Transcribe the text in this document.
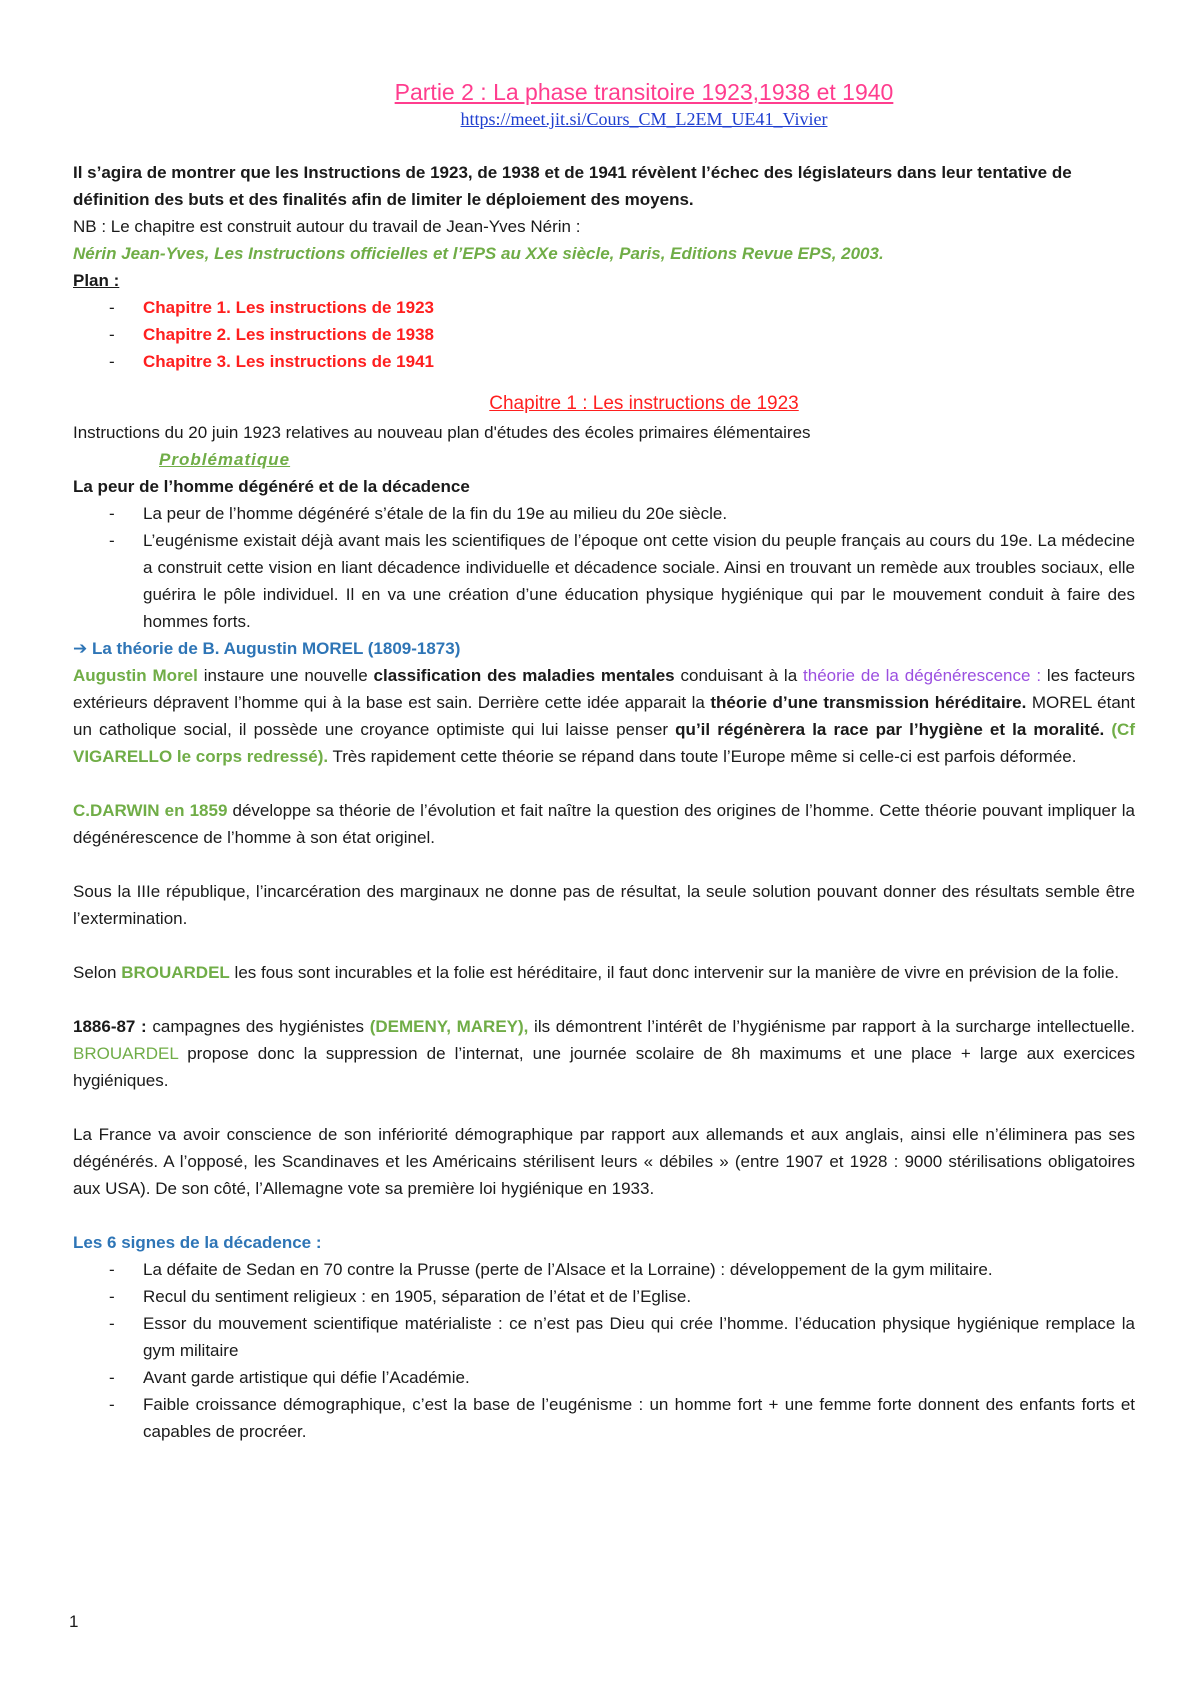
Partie 2 : La phase transitoire 1923,1938 et 1940

https://meet.jit.si/Cours_CM_L2EM_UE41_Vivier

Il s’agira de montrer que les Instructions de 1923, de 1938 et de 1941 révèlent l’échec des législateurs dans leur tentative de définition des buts et des finalités afin de limiter le déploiement des moyens.

NB : Le chapitre est construit autour du travail de Jean-Yves Nérin :

Nérin Jean-Yves, Les Instructions officielles et l’EPS au XXe siècle, Paris, Editions Revue EPS, 2003.

Plan :

- Chapitre 1. Les instructions de 1923
- Chapitre 2. Les instructions de 1938
- Chapitre 3. Les instructions de 1941

Chapitre 1 : Les instructions de 1923

Instructions du 20 juin 1923 relatives au nouveau plan d'études des écoles primaires élémentaires

Problématique

La peur de l’homme dégénéré et de la décadence

- La peur de l’homme dégénéré s’étale de la fin du 19e au milieu du 20e siècle.
- L’eugénisme existait déjà avant mais les scientifiques de l’époque ont cette vision du peuple français au cours du 19e. La médecine a construit cette vision en liant décadence individuelle et décadence sociale. Ainsi en trouvant un remède aux troubles sociaux, elle guérira le pôle individuel. Il en va une création d’une éducation physique hygiénique qui par le mouvement conduit à faire des hommes forts.

➔ La théorie de B. Augustin MOREL (1809-1873)

Augustin Morel instaure une nouvelle classification des maladies mentales conduisant à la théorie de la dégénérescence : les facteurs extérieurs dépravent l’homme qui à la base est sain. Derrière cette idée apparait la théorie d’une transmission héréditaire. MOREL étant un catholique social, il possède une croyance optimiste qui lui laisse penser qu’il régénèrera la race par l’hygiène et la moralité. (Cf VIGARELLO le corps redressé). Très rapidement cette théorie se répand dans toute l’Europe même si celle-ci est parfois déformée.

C.DARWIN en 1859 développe sa théorie de l’évolution et fait naître la question des origines de l’homme. Cette théorie pouvant impliquer la dégénérescence de l’homme à son état originel.

Sous la IIIe république, l’incarcération des marginaux ne donne pas de résultat, la seule solution pouvant donner des résultats semble être l’extermination.

Selon BROUARDEL les fous sont incurables et la folie est héréditaire, il faut donc intervenir sur la manière de vivre en prévision de la folie.

1886-87 : campagnes des hygiénistes (DEMENY, MAREY), ils démontrent l’intérêt de l’hygiénisme par rapport à la surcharge intellectuelle. BROUARDEL propose donc la suppression de l’internat, une journée scolaire de 8h maximums et une place + large aux exercices hygiéniques.

La France va avoir conscience de son infériorité démographique par rapport aux allemands et aux anglais, ainsi elle n’éliminera pas ses dégénérés. A l’opposé, les Scandinaves et les Américains stérilisent leurs « débiles » (entre 1907 et 1928 : 9000 stérilisations obligatoires aux USA). De son côté, l’Allemagne vote sa première loi hygiénique en 1933.

Les 6 signes de la décadence :

- La défaite de Sedan en 70 contre la Prusse (perte de l’Alsace et la Lorraine) : développement de la gym militaire.
- Recul du sentiment religieux : en 1905, séparation de l’état et de l’Eglise.
- Essor du mouvement scientifique matérialiste : ce n’est pas Dieu qui crée l’homme. l’éducation physique hygiénique remplace la gym militaire
- Avant garde artistique qui défie l’Académie.
- Faible croissance démographique, c’est la base de l’eugénisme : un homme fort + une femme forte donnent des enfants forts et capables de procréer.
1
